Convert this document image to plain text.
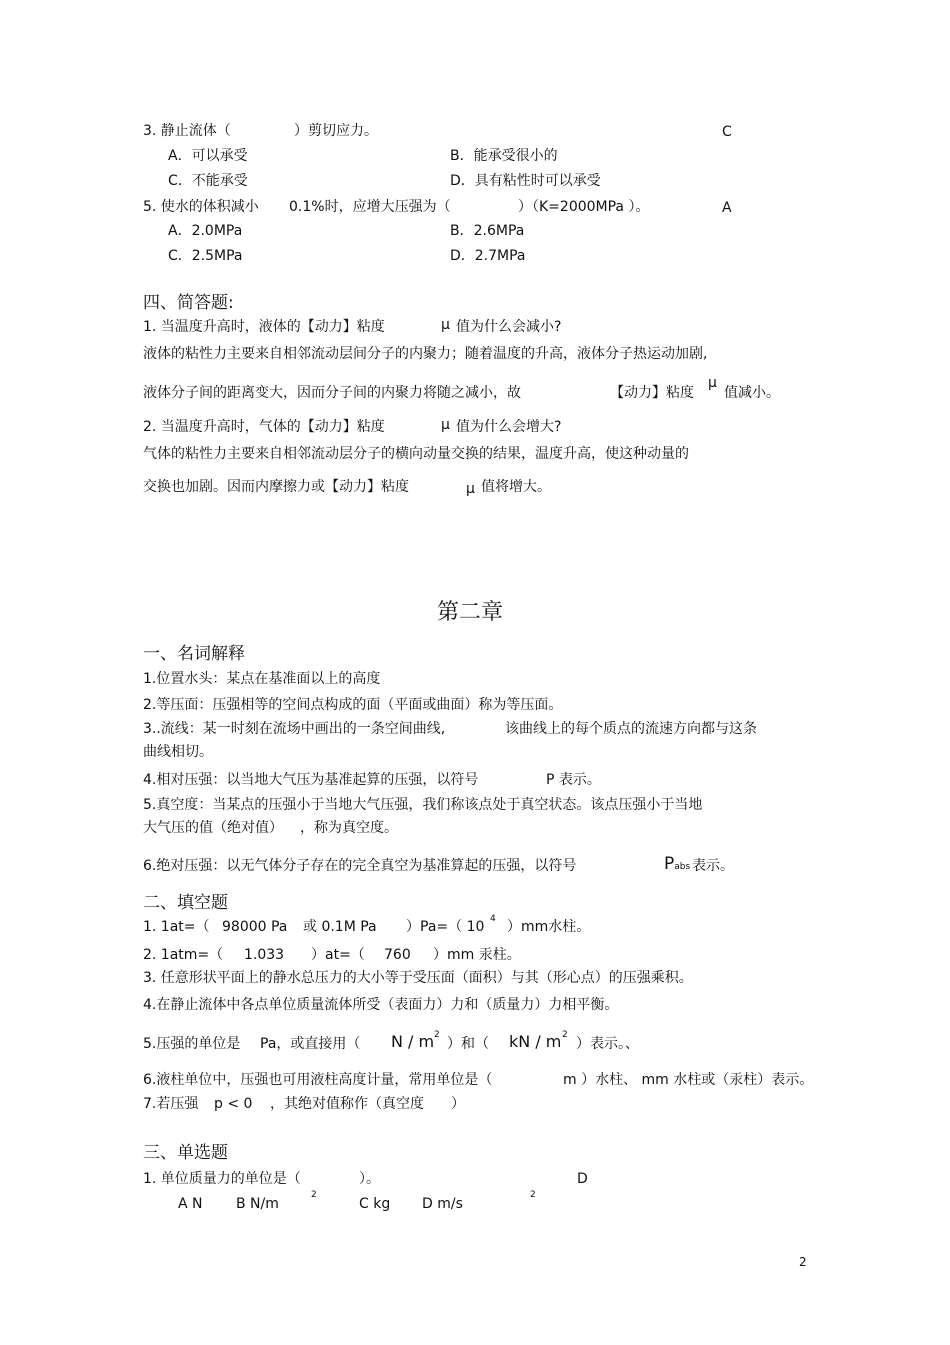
3. 静止流体（	）剪切应力。	C
A．可以承受	B．能承受很小的
C．不能承受	D．具有粘性时可以承受
5. 使水的体积减小 0.1%时，应增大压强为（	）（K=2000MPa ）。	A
A．2.0MPa	B．2.6MPa
C．2.5MPa	D．2.7MPa
四、简答题:
1. 当温度升高时，液体的【动力】粘度	μ 值为什么会减小?
液体的粘性力主要来自相邻流动层间分子的内聚力；随着温度的升高，液体分子热运动加剧,
液体分子间的距离变大，因而分子间的内聚力将随之减小，故	【动力】粘度
μ
值减小。
2. 当温度升高时，气体的【动力】粘度	μ 值为什么会增大?
气体的粘性力主要来自相邻流动层分子的横向动量交换的结果，温度升高，使这种动量的
交换也加剧。因而内摩擦力或【动力】粘度	μ 值将增大。
第二章
一、名词解释
1.位置水头：某点在基准面以上的高度
2.等压面：压强相等的空间点构成的面（平面或曲面）称为等压面。
3..流线：某一时刻在流场中画出的一条空间曲线,	该曲线上的每个质点的流速方向都与这条
曲线相切。
4.相对压强：以当地大气压为基准起算的压强，以符号	P 表示。
5.真空度：当某点的压强小于当地大气压强，我们称该点处于真空状态。该点压强小于当地
大气压的值（绝对值） ，称为真空度。
6.绝对压强：以无气体分子存在的完全真空为基准算起的压强，以符号	Pabs 表示。
二、填空题
1. 1at=（ 98000 Pa 或 0.1M Pa ）Pa=（ 10 4 ）mm水柱。
2. 1atm=（ 1.033 ）at=（ 760 ）mm 汞柱。
3. 任意形状平面上的静水总压力的大小等于受压面（面积）与其（形心点）的压强乘积。
4.在静止流体中各点单位质量流体所受（表面力）力和（质量力）力相平衡。
5.压强的单位是 Pa，或直接用（ N / m 2
）和（ kN / m 2
）表示。、
6.液柱单位中，压强也可用液柱高度计量，常用单位是（	m ）水柱、 mm 水柱或（汞柱）表示。
7.若压强 p < 0 ，其绝对值称作（真空度 ）
三、单选题
1. 单位质量力的单位是（	）。	D
A N B N/m
2
C kg D m/s
2
2
